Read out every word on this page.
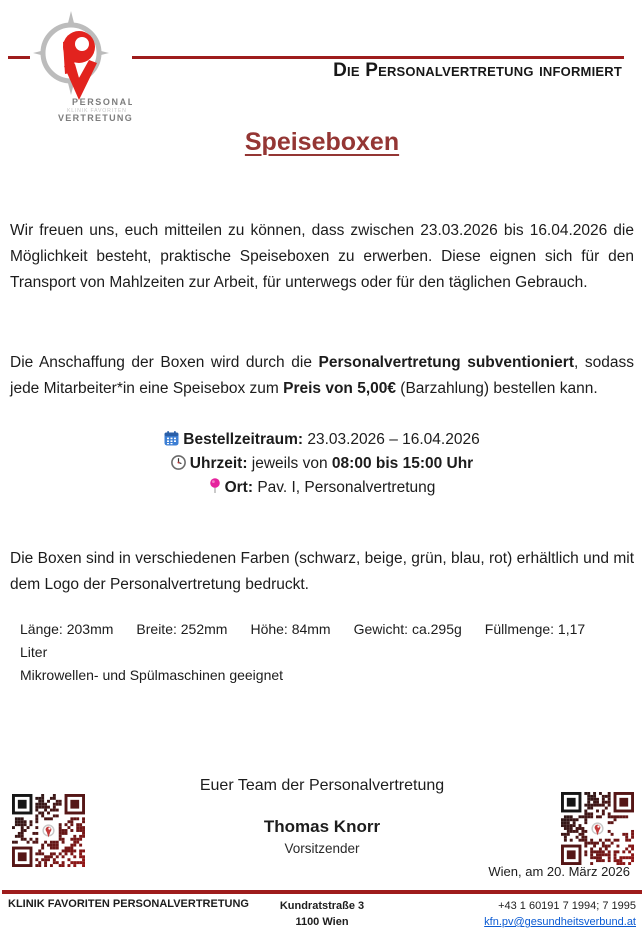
PERSONAL
KLINIK FAVORITEN
VERTRETUNG
Die Personalvertretung informiert
Speiseboxen

Wir freuen uns, euch mitteilen zu können, dass zwischen 23.03.2026 bis 16.04.2026 die Möglichkeit besteht, praktische Speiseboxen zu erwerben. Diese eignen sich für den Transport von Mahlzeiten zur Arbeit, für unterwegs oder für den täglichen Gebrauch.

Die Anschaffung der Boxen wird durch die Personalvertretung subventioniert, sodass jede Mitarbeiter*in eine Speisebox zum Preis von 5,00€ (Barzahlung) bestellen kann.

Bestellzeitraum: 23.03.2026 – 16.04.2026
Uhrzeit: jeweils von 08:00 bis 15:00 Uhr
Ort: Pav. I, Personalvertretung

Die Boxen sind in verschiedenen Farben (schwarz, beige, grün, blau, rot) erhältlich und mit dem Logo der Personalvertretung bedruckt.

Länge: 203mm Breite: 252mm Höhe: 84mm Gewicht: ca.295g Füllmenge: 1,17 Liter
Mikrowellen- und Spülmaschinen geeignet
Euer Team der Personalvertretung
Thomas Knorr
Vorsitzender
Wien, am 20. März 2026
KLINIK FAVORITEN PERSONALVERTRETUNG	Kundratstraße 3
1100 Wien
+43 1 60191 7 1994; 7 1995
kfn.pv@gesundheitsverbund.at
